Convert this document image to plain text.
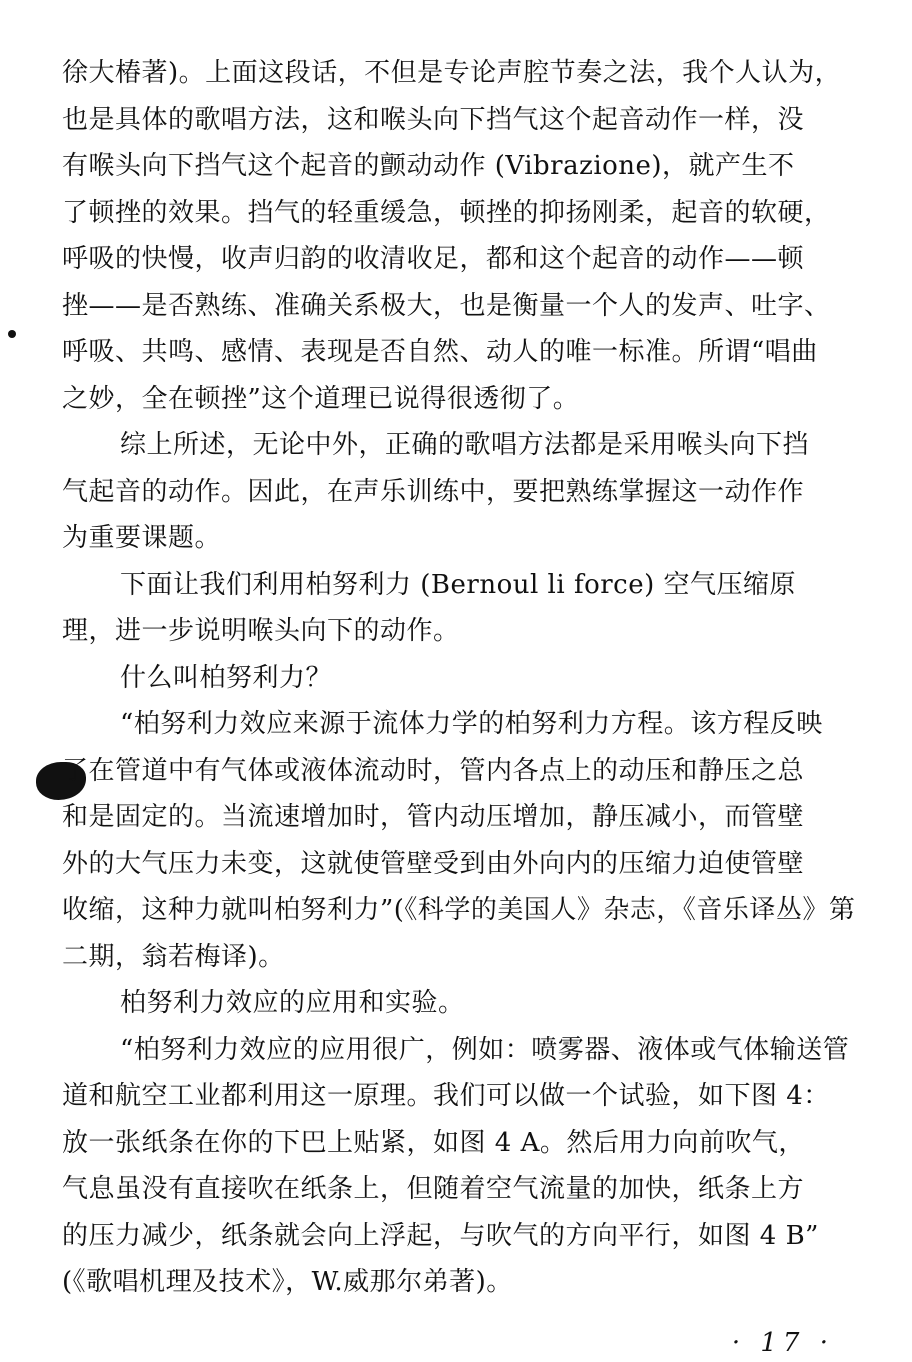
徐大椿著)。上面这段话，不但是专论声腔节奏之法，我个人认为，
也是具体的歌唱方法，这和喉头向下挡气这个起音动作一样，没
有喉头向下挡气这个起音的颤动动作 (Vibrazione)，就产生不
了顿挫的效果。挡气的轻重缓急，顿挫的抑扬刚柔，起音的软硬，
呼吸的快慢，收声归韵的收清收足，都和这个起音的动作——顿
挫——是否熟练、准确关系极大，也是衡量一个人的发声、吐字、
呼吸、共鸣、感情、表现是否自然、动人的唯一标准。所谓“唱曲
之妙，全在顿挫”这个道理已说得很透彻了。
综上所述，无论中外，正确的歌唱方法都是采用喉头向下挡
气起音的动作。因此，在声乐训练中，要把熟练掌握这一动作作
为重要课题。
下面让我们利用柏努利力 (Bernoul li force) 空气压缩原
理，进一步说明喉头向下的动作。
什么叫柏努利力？
“柏努利力效应来源于流体力学的柏努利力方程。该方程反映
了在管道中有气体或液体流动时，管内各点上的动压和静压之总
和是固定的。当流速增加时，管内动压增加，静压减小，而管壁
外的大气压力未变，这就使管壁受到由外向内的压缩力迫使管壁
收缩，这种力就叫柏努利力”(《科学的美国人》杂志，《音乐译丛》第
二期，翁若梅译)。
柏努利力效应的应用和实验。
“柏努利力效应的应用很广，例如：喷雾器、液体或气体输送管
道和航空工业都利用这一原理。我们可以做一个试验，如下图 4：
放一张纸条在你的下巴上贴紧，如图 4 A。然后用力向前吹气，
气息虽没有直接吹在纸条上，但随着空气流量的加快，纸条上方
的压力减少，纸条就会向上浮起，与吹气的方向平行，如图 4 B”
(《歌唱机理及技术》，W.威那尔弟著)。
· 17 ·
